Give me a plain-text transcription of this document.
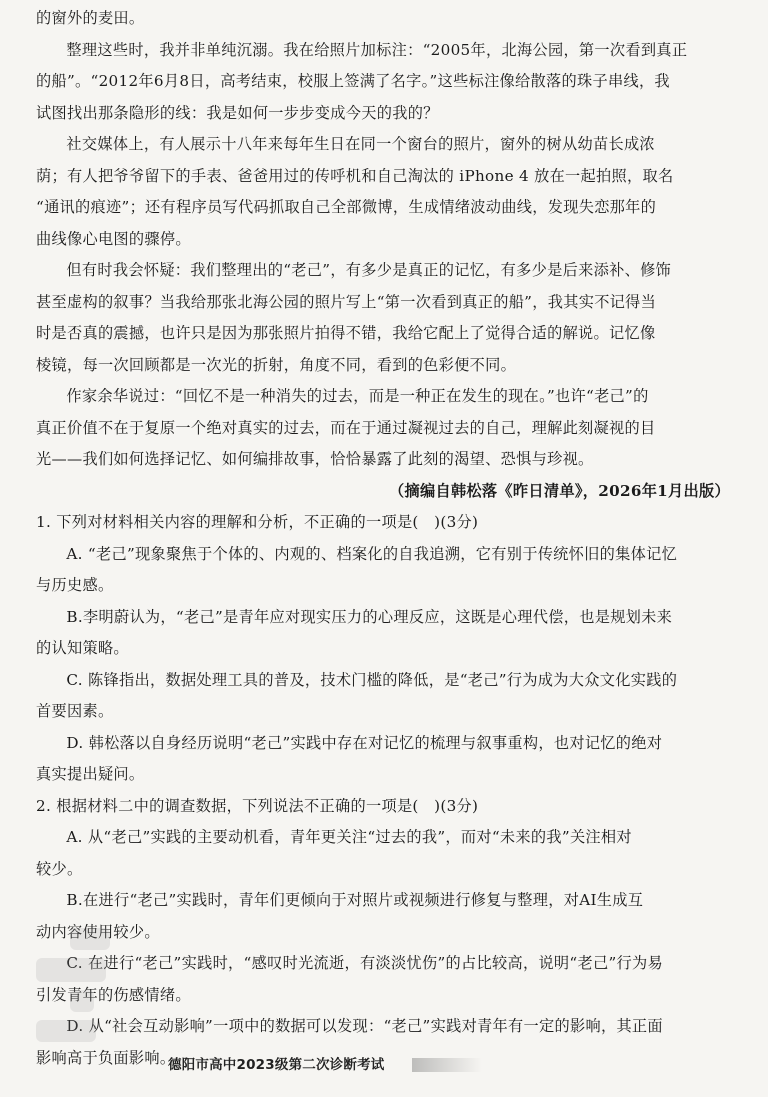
的窗外的麦田。

整理这些时，我并非单纯沉溺。我在给照片加标注：“2005年，北海公园，第一次看到真正
的船”。“2012年6月8日，高考结束，校服上签满了名字。”这些标注像给散落的珠子串线，我
试图找出那条隐形的线：我是如何一步步变成今天的我的？

社交媒体上，有人展示十八年来每年生日在同一个窗台的照片，窗外的树从幼苗长成浓
荫；有人把爷爷留下的手表、爸爸用过的传呼机和自己淘汰的 iPhone 4 放在一起拍照，取名
“通讯的痕迹”；还有程序员写代码抓取自己全部微博，生成情绪波动曲线，发现失恋那年的
曲线像心电图的骤停。

但有时我会怀疑：我们整理出的“老己”，有多少是真正的记忆，有多少是后来添补、修饰
甚至虚构的叙事？当我给那张北海公园的照片写上“第一次看到真正的船”，我其实不记得当
时是否真的震撼，也许只是因为那张照片拍得不错，我给它配上了觉得合适的解说。记忆像
棱镜，每一次回顾都是一次光的折射，角度不同，看到的色彩便不同。

作家余华说过：“回忆不是一种消失的过去，而是一种正在发生的现在。”也许“老己”的
真正价值不在于复原一个绝对真实的过去，而在于通过凝视过去的自己，理解此刻凝视的目
光——我们如何选择记忆、如何编排故事，恰恰暴露了此刻的渴望、恐惧与珍视。

（摘编自韩松落《昨日清单》，2026年1月出版）

1. 下列对材料相关内容的理解和分析，不正确的一项是(　)(3分)

A. “老己”现象聚焦于个体的、内观的、档案化的自我追溯，它有别于传统怀旧的集体记忆
与历史感。
B.李明蔚认为，“老己”是青年应对现实压力的心理反应，这既是心理代偿，也是规划未来
的认知策略。
C. 陈锋指出，数据处理工具的普及，技术门槛的降低，是“老己”行为成为大众文化实践的
首要因素。
D. 韩松落以自身经历说明“老己”实践中存在对记忆的梳理与叙事重构，也对记忆的绝对
真实提出疑问。

2. 根据材料二中的调查数据，下列说法不正确的一项是(　)(3分)

A. 从“老己”实践的主要动机看，青年更关注“过去的我”，而对“未来的我”关注相对
较少。
B.在进行“老己”实践时，青年们更倾向于对照片或视频进行修复与整理，对AI生成互
动内容使用较少。
C. 在进行“老己”实践时，“感叹时光流逝，有淡淡忧伤”的占比较高，说明“老己”行为易
引发青年的伤感情绪。
D. 从“社会互动影响”一项中的数据可以发现：“老己”实践对青年有一定的影响，其正面
影响高于负面影响。
德阳市高中2023级第二次诊断考试
